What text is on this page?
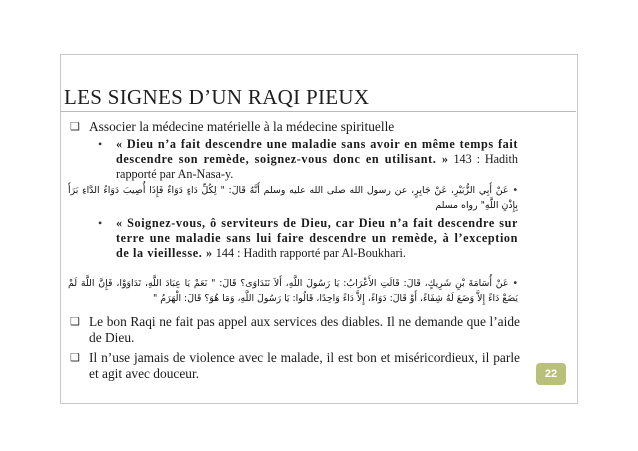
LES SIGNES D’UN RAQI PIEUX
❑ Associer la médecine matérielle à la médecine spirituelle
• « Dieu n’a fait descendre une maladie sans avoir en même temps fait descendre son remède, soignez-vous donc en utilisant. » 143 : Hadith rapporté par An-Nasa-y.
•عَنْ أَبِي الزُّبَيْرِ، عَنْ جَابِرٍ، عن رسول الله صلى الله عليه وسلم أَنَّهُ قَالَ: " لِكُلِّ دَاءٍ دَوَاءٌ فَإِذَا أُصِيبَ دَوَاءُ الدَّاءِ بَرَأَ بِإِذْنِ اللَّهِ" رواه مسلم
• « Soignez-vous, ô serviteurs de Dieu, car Dieu n’a fait descendre sur terre une maladie sans lui faire descendre un remède, à l’exception de la vieillesse. » 144 : Hadith rapporté par Al-Boukhari.
•عَنْ أُسَامَةَ بْنِ شَرِيكٍ، قَالَ: قَالَتِ الأَعْرَابُ: يَا رَسُولَ اللَّهِ، أَلاَ نَتَدَاوَى؟ قَالَ: " نَعَمْ يَا عِبَادَ اللَّهِ، تَدَاوَوْا، فَإِنَّ اللَّهَ لَمْ يَضَعْ دَاءً إِلاَّ وَضَعَ لَهُ شِفَاءً، أَوْ قَالَ: دَوَاءً، إِلاَّ دَاءً وَاحِدًا، قَالُوا: يَا رَسُولَ اللَّهِ، وَمَا هُوَ؟ قَالَ: الْهَرَمُ "
❑ Le bon Raqi ne fait pas appel aux services des diables. Il ne demande que l’aide de Dieu.
❑ Il n’use jamais de violence avec le malade, il est bon et miséricordieux, il parle et agit avec douceur.	22
